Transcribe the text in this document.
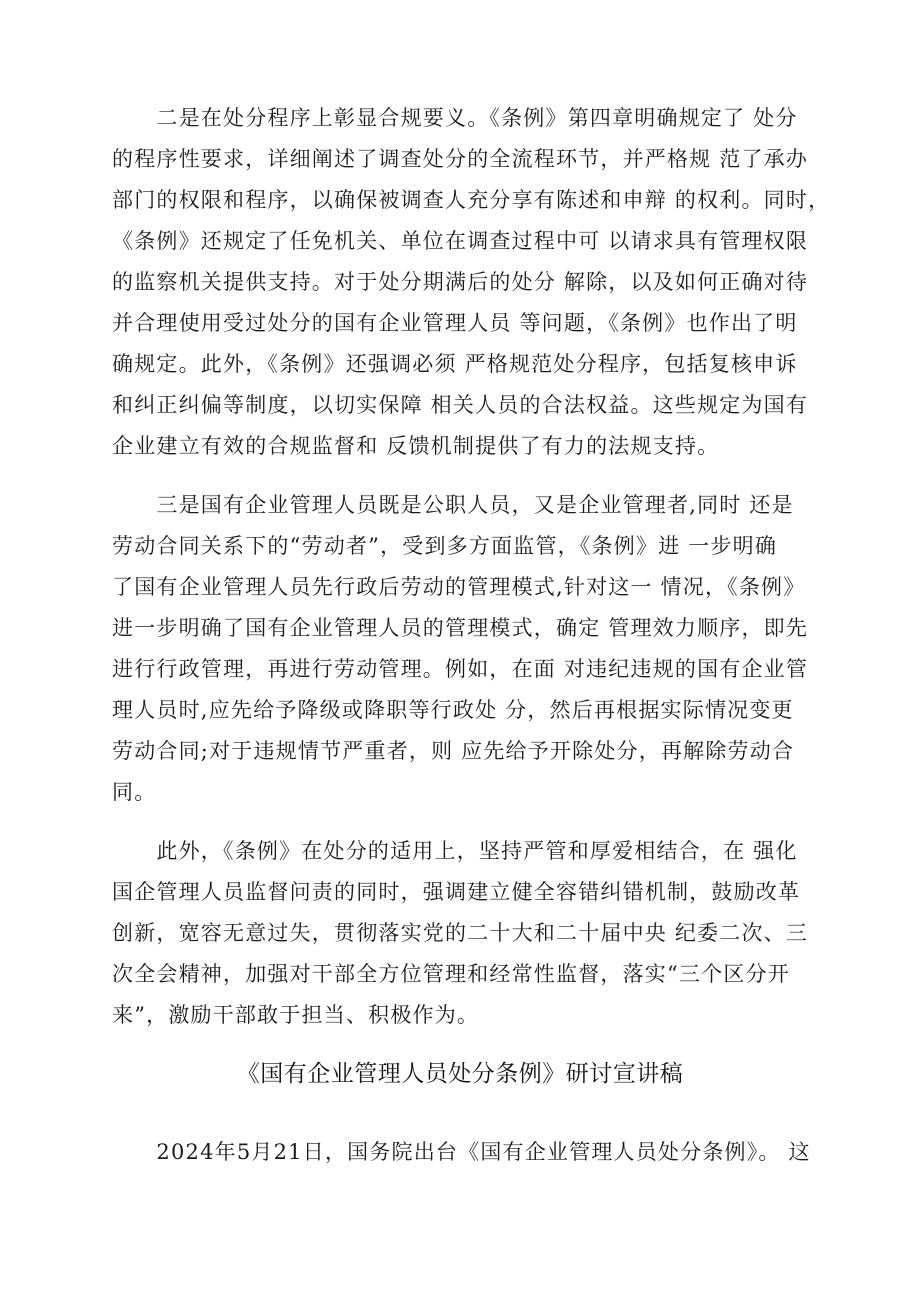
　　二是在处分程序上彰显合规要义。《条例》第四章明确规定了 处分
的程序性要求，详细阐述了调查处分的全流程环节，并严格规 范了承办
部门的权限和程序，以确保被调查人充分享有陈述和申辩 的权利。同时，
《条例》还规定了任免机关、单位在调查过程中可 以请求具有管理权限
的监察机关提供支持。对于处分期满后的处分 解除，以及如何正确对待
并合理使用受过处分的国有企业管理人员 等问题，《条例》也作出了明
确规定。此外，《条例》还强调必须 严格规范处分程序，包括复核申诉
和纠正纠偏等制度，以切实保障 相关人员的合法权益。这些规定为国有
企业建立有效的合规监督和 反馈机制提供了有力的法规支持。
　　三是国有企业管理人员既是公职人员，又是企业管理者,同时 还是
劳动合同关系下的“劳动者”，受到多方面监管，《条例》进 一步明确
了国有企业管理人员先行政后劳动的管理模式,针对这一 情况，《条例》
进一步明确了国有企业管理人员的管理模式，确定 管理效力顺序，即先
进行行政管理，再进行劳动管理。例如，在面 对违纪违规的国有企业管
理人员时,应先给予降级或降职等行政处 分，然后再根据实际情况变更
劳动合同;对于违规情节严重者，则 应先给予开除处分，再解除劳动合
同。
　　此外，《条例》在处分的适用上，坚持严管和厚爱相结合，在 强化
国企管理人员监督问责的同时，强调建立健全容错纠错机制，鼓励改革
创新，宽容无意过失，贯彻落实党的二十大和二十届中央 纪委二次、三
次全会精神，加强对干部全方位管理和经常性监督，落实“三个区分开
来”，激励干部敢于担当、积极作为。
《国有企业管理人员处分条例》研讨宣讲稿
　　2024年5月21日，国务院出台《国有企业管理人员处分条例》。 这
